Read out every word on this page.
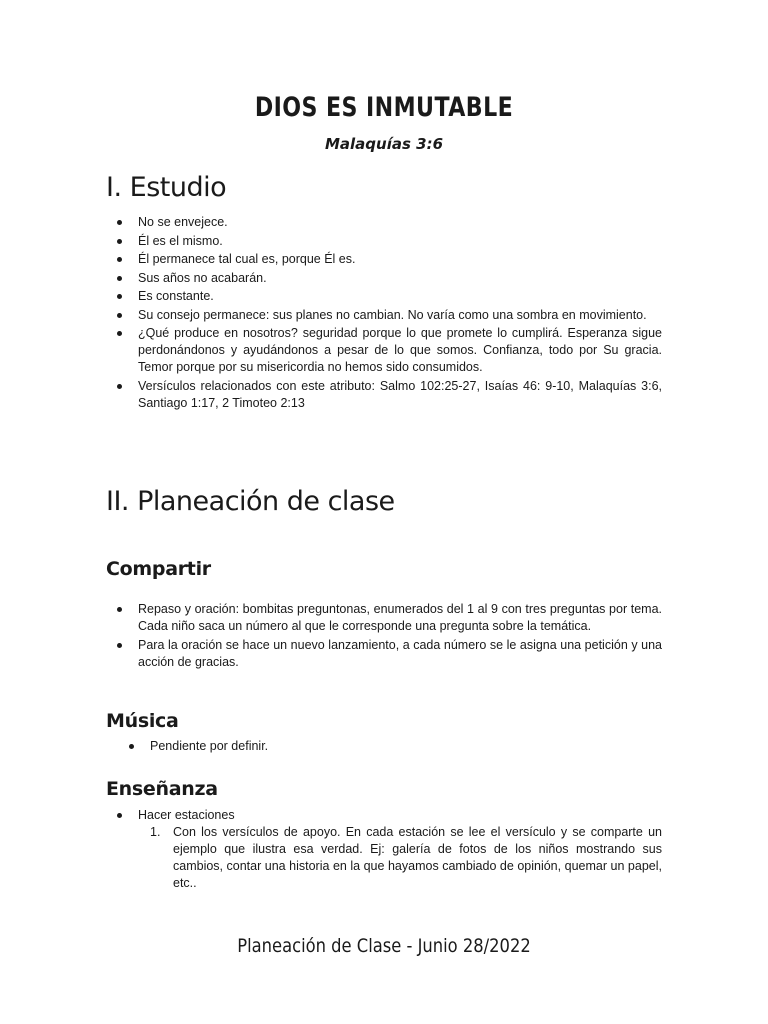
DIOS ES INMUTABLE
Malaquías 3:6
I. Estudio
No se envejece.
Él es el mismo.
Él permanece tal cual es, porque Él es.
Sus años no acabarán.
Es constante.
Su consejo permanece: sus planes no cambian. No varía como una sombra en movimiento.
¿Qué produce en nosotros? seguridad porque lo que promete lo cumplirá. Esperanza sigue perdonándonos y ayudándonos a pesar de lo que somos. Confianza, todo por Su gracia. Temor porque por su misericordia no hemos sido consumidos.
Versículos relacionados con este atributo: Salmo 102:25-27, Isaías 46: 9-10, Malaquías 3:6, Santiago 1:17, 2 Timoteo 2:13
II. Planeación de clase
Compartir
Repaso y oración: bombitas preguntonas, enumerados del 1 al 9 con tres preguntas por tema. Cada niño saca un número al que le corresponde una pregunta sobre la temática.
Para la oración se hace un nuevo lanzamiento, a cada número se le asigna una petición y una acción de gracias.
Música
Pendiente por definir.
Enseñanza
Hacer estaciones
1. Con los versículos de apoyo. En cada estación se lee el versículo y se comparte un ejemplo que ilustra esa verdad. Ej: galería de fotos de los niños mostrando sus cambios, contar una historia en la que hayamos cambiado de opinión, quemar un papel, etc..
Planeación de Clase - Junio 28/2022
